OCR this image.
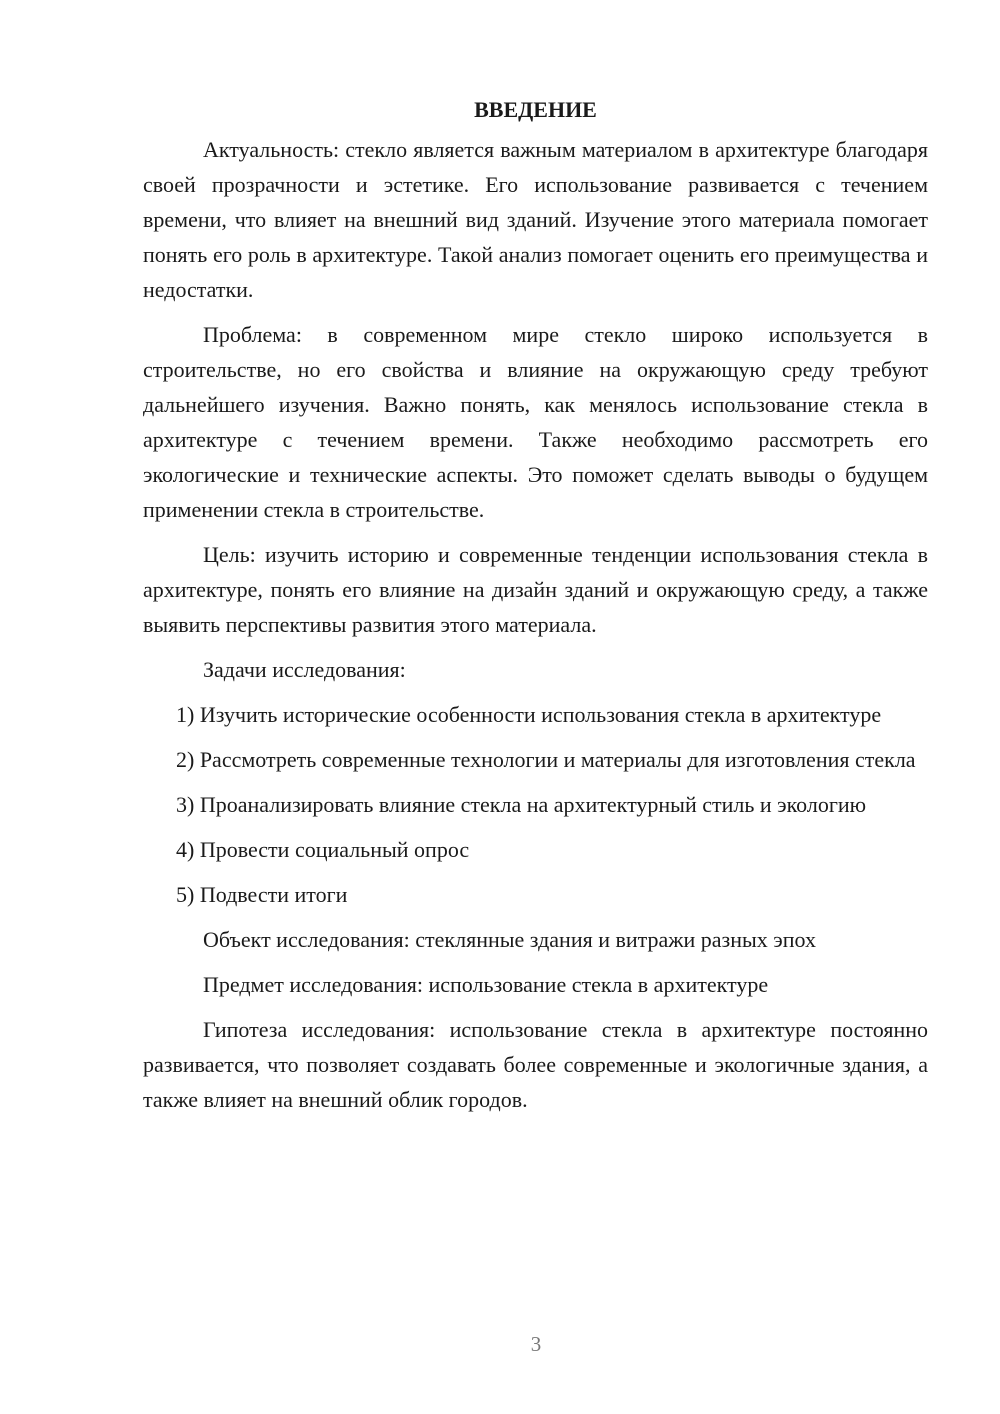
ВВЕДЕНИЕ

Актуальность: стекло является важным материалом в архитектуре благодаря своей прозрачности и эстетике. Его использование развивается с течением времени, что влияет на внешний вид зданий. Изучение этого материала помогает понять его роль в архитектуре. Такой анализ помогает оценить его преимущества и недостатки.

Проблема: в современном мире стекло широко используется в строительстве, но его свойства и влияние на окружающую среду требуют дальнейшего изучения. Важно понять, как менялось использование стекла в архитектуре с течением времени. Также необходимо рассмотреть его экологические и технические аспекты. Это поможет сделать выводы о будущем применении стекла в строительстве.

Цель: изучить историю и современные тенденции использования стекла в архитектуре, понять его влияние на дизайн зданий и окружающую среду, а также выявить перспективы развития этого материала.

Задачи исследования:

1) Изучить исторические особенности использования стекла в архитектуре

2) Рассмотреть современные технологии и материалы для изготовления стекла

3) Проанализировать влияние стекла на архитектурный стиль и экологию

4) Провести социальный опрос

5) Подвести итоги

Объект исследования: стеклянные здания и витражи разных эпох

Предмет исследования: использование стекла в архитектуре

Гипотеза исследования: использование стекла в архитектуре постоянно развивается, что позволяет создавать более современные и экологичные здания, а также влияет на внешний облик городов.

3
